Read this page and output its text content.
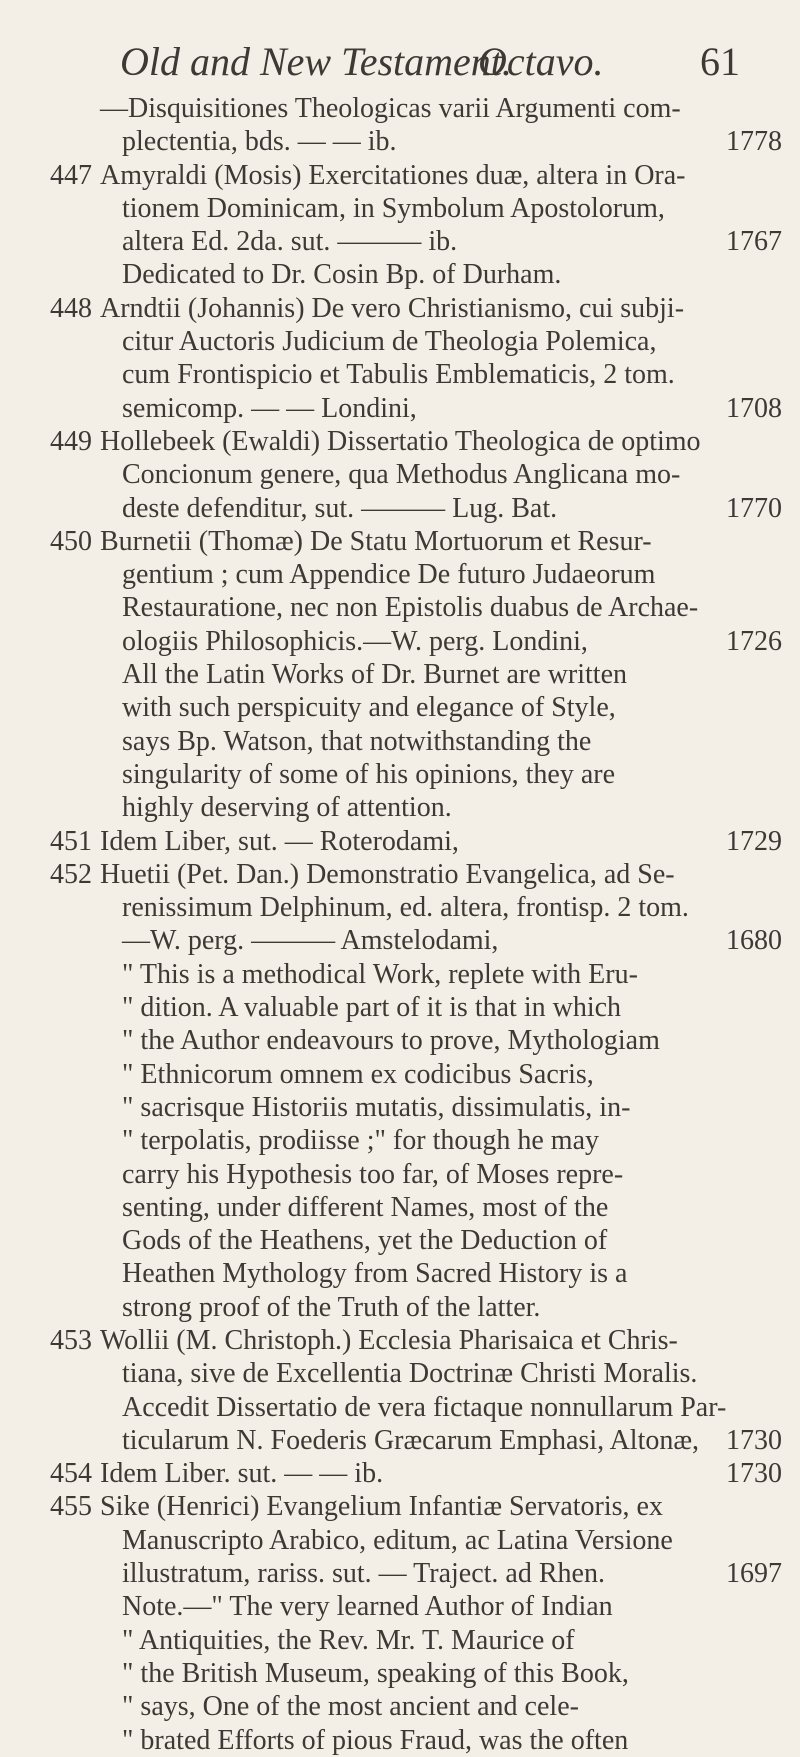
Old and New Testament.
Octavo. 61
—Disquisitiones Theologicas varii Argumenti com-
plectentia, bds. — — ib.	1778
447 Amyraldi (Mosis) Exercitationes duæ, altera in Ora-
tionem Dominicam, in Symbolum Apostolorum,
altera Ed. 2da. sut. ——— ib.	1767
Dedicated to Dr. Cosin Bp. of Durham.
448 Arndtii (Johannis) De vero Christianismo, cui subji-
citur Auctoris Judicium de Theologia Polemica,
cum Frontispicio et Tabulis Emblematicis, 2 tom.
semicomp. — — Londini,	1708
449 Hollebeek (Ewaldi) Dissertatio Theologica de optimo
Concionum genere, qua Methodus Anglicana mo-
deste defenditur, sut. ——— Lug. Bat.	1770
450 Burnetii (Thomæ) De Statu Mortuorum et Resur-
gentium ; cum Appendice De futuro Judaeorum
Restauratione, nec non Epistolis duabus de Archae-
ologiis Philosophicis.—W. perg. Londini,	1726
All the Latin Works of Dr. Burnet are written
with such perspicuity and elegance of Style,
says Bp. Watson, that notwithstanding the
singularity of some of his opinions, they are
highly deserving of attention.
451 Idem Liber, sut. — Roterodami,	1729
452 Huetii (Pet. Dan.) Demonstratio Evangelica, ad Se-
renissimum Delphinum, ed. altera, frontisp. 2 tom.
—W. perg. ——— Amstelodami,	1680
" This is a methodical Work, replete with Eru-
" dition. A valuable part of it is that in which
" the Author endeavours to prove, Mythologiam
" Ethnicorum omnem ex codicibus Sacris,
" sacrisque Historiis mutatis, dissimulatis, in-
" terpolatis, prodiisse ;" for though he may
carry his Hypothesis too far, of Moses repre-
senting, under different Names, most of the
Gods of the Heathens, yet the Deduction of
Heathen Mythology from Sacred History is a
strong proof of the Truth of the latter.
453 Wollii (M. Christoph.) Ecclesia Pharisaica et Chris-
tiana, sive de Excellentia Doctrinæ Christi Moralis.
Accedit Dissertatio de vera fictaque nonnullarum Par-
ticularum N. Foederis Græcarum Emphasi, Altonæ, 1730
454 Idem Liber. sut. — — ib.	1730
455 Sike (Henrici) Evangelium Infantiæ Servatoris, ex
Manuscripto Arabico, editum, ac Latina Versione
illustratum, rariss. sut. — Traject. ad Rhen.	1697
Note.—" The very learned Author of Indian
" Antiquities, the Rev. Mr. T. Maurice of
" the British Museum, speaking of this Book,
" says, One of the most ancient and cele-
" brated Efforts of pious Fraud, was the often
